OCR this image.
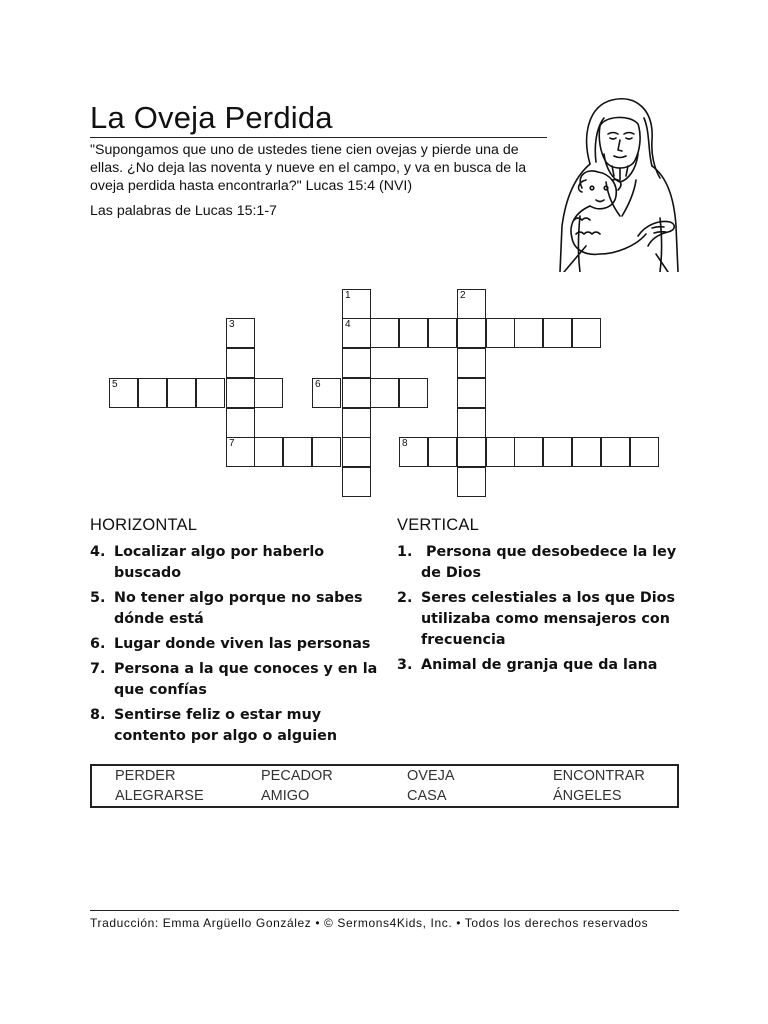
La Oveja Perdida
"Supongamos que uno de ustedes tiene cien ovejas y pierde una de ellas. ¿No deja las noventa y nueve en el campo, y va en busca de la oveja perdida hasta encontrarla?" Lucas 15:4 (NVI)
Las palabras de Lucas 15:1-7
1	2
3	4
5	6
7	8
HORIZONTAL
4. Localizar algo por haberlo buscado
5. No tener algo porque no sabes dónde está
6. Lugar donde viven las personas
7. Persona a la que conoces y en la que confías
8. Sentirse feliz o estar muy contento por algo o alguien
VERTICAL
1. Persona que desobedece la ley de Dios
2. Seres celestiales a los que Dios utilizaba como mensajeros con frecuencia
3. Animal de granja que da lana
PERDER	PECADOR	OVEJA	ENCONTRAR
ALEGRARSE	AMIGO	CASA	ÁNGELES
Traducción: Emma Argüello González • © Sermons4Kids, Inc. • Todos los derechos reservados
